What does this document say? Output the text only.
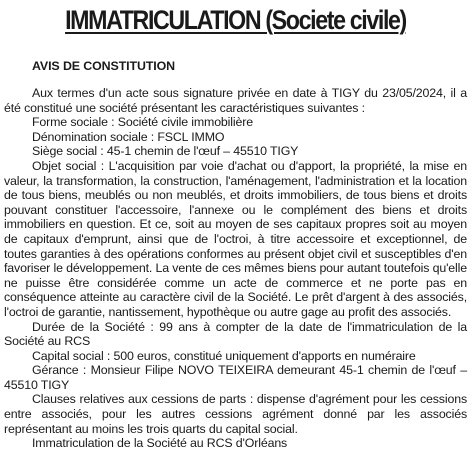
IMMATRICULATION (Societe civile)
AVIS DE CONSTITUTION

Aux termes d'un acte sous signature privée en date à TIGY du 23/05/2024, il a été constitué une société présentant les caractéristiques suivantes :

Forme sociale : Société civile immobilière

Dénomination sociale : FSCL IMMO

Siège social : 45-1 chemin de l'œuf – 45510 TIGY

Objet social : L'acquisition par voie d'achat ou d'apport, la propriété, la mise en valeur, la transformation, la construction, l'aménagement, l'administration et la location de tous biens, meublés ou non meublés, et droits immobiliers, de tous biens et droits pouvant constituer l'accessoire, l'annexe ou le complément des biens et droits immobiliers en question. Et ce, soit au moyen de ses capitaux propres soit au moyen de capitaux d'emprunt, ainsi que de l'octroi, à titre accessoire et exceptionnel, de toutes garanties à des opérations conformes au présent objet civil et susceptibles d'en favoriser le développement. La vente de ces mêmes biens pour autant toutefois qu'elle ne puisse être considérée comme un acte de commerce et ne porte pas en conséquence atteinte au caractère civil de la Société. Le prêt d'argent à des associés, l'octroi de garantie, nantissement, hypothèque ou autre gage au profit des associés.

Durée de la Société : 99 ans à compter de la date de l'immatriculation de la Société au RCS

Capital social : 500 euros, constitué uniquement d'apports en numéraire

Gérance : Monsieur Filipe NOVO TEIXEIRA demeurant 45-1 chemin de l'œuf – 45510 TIGY

Clauses relatives aux cessions de parts : dispense d'agrément pour les cessions entre associés, pour les autres cessions agrément donné par les associés représentant au moins les trois quarts du capital social.

Immatriculation de la Société au RCS d'Orléans
